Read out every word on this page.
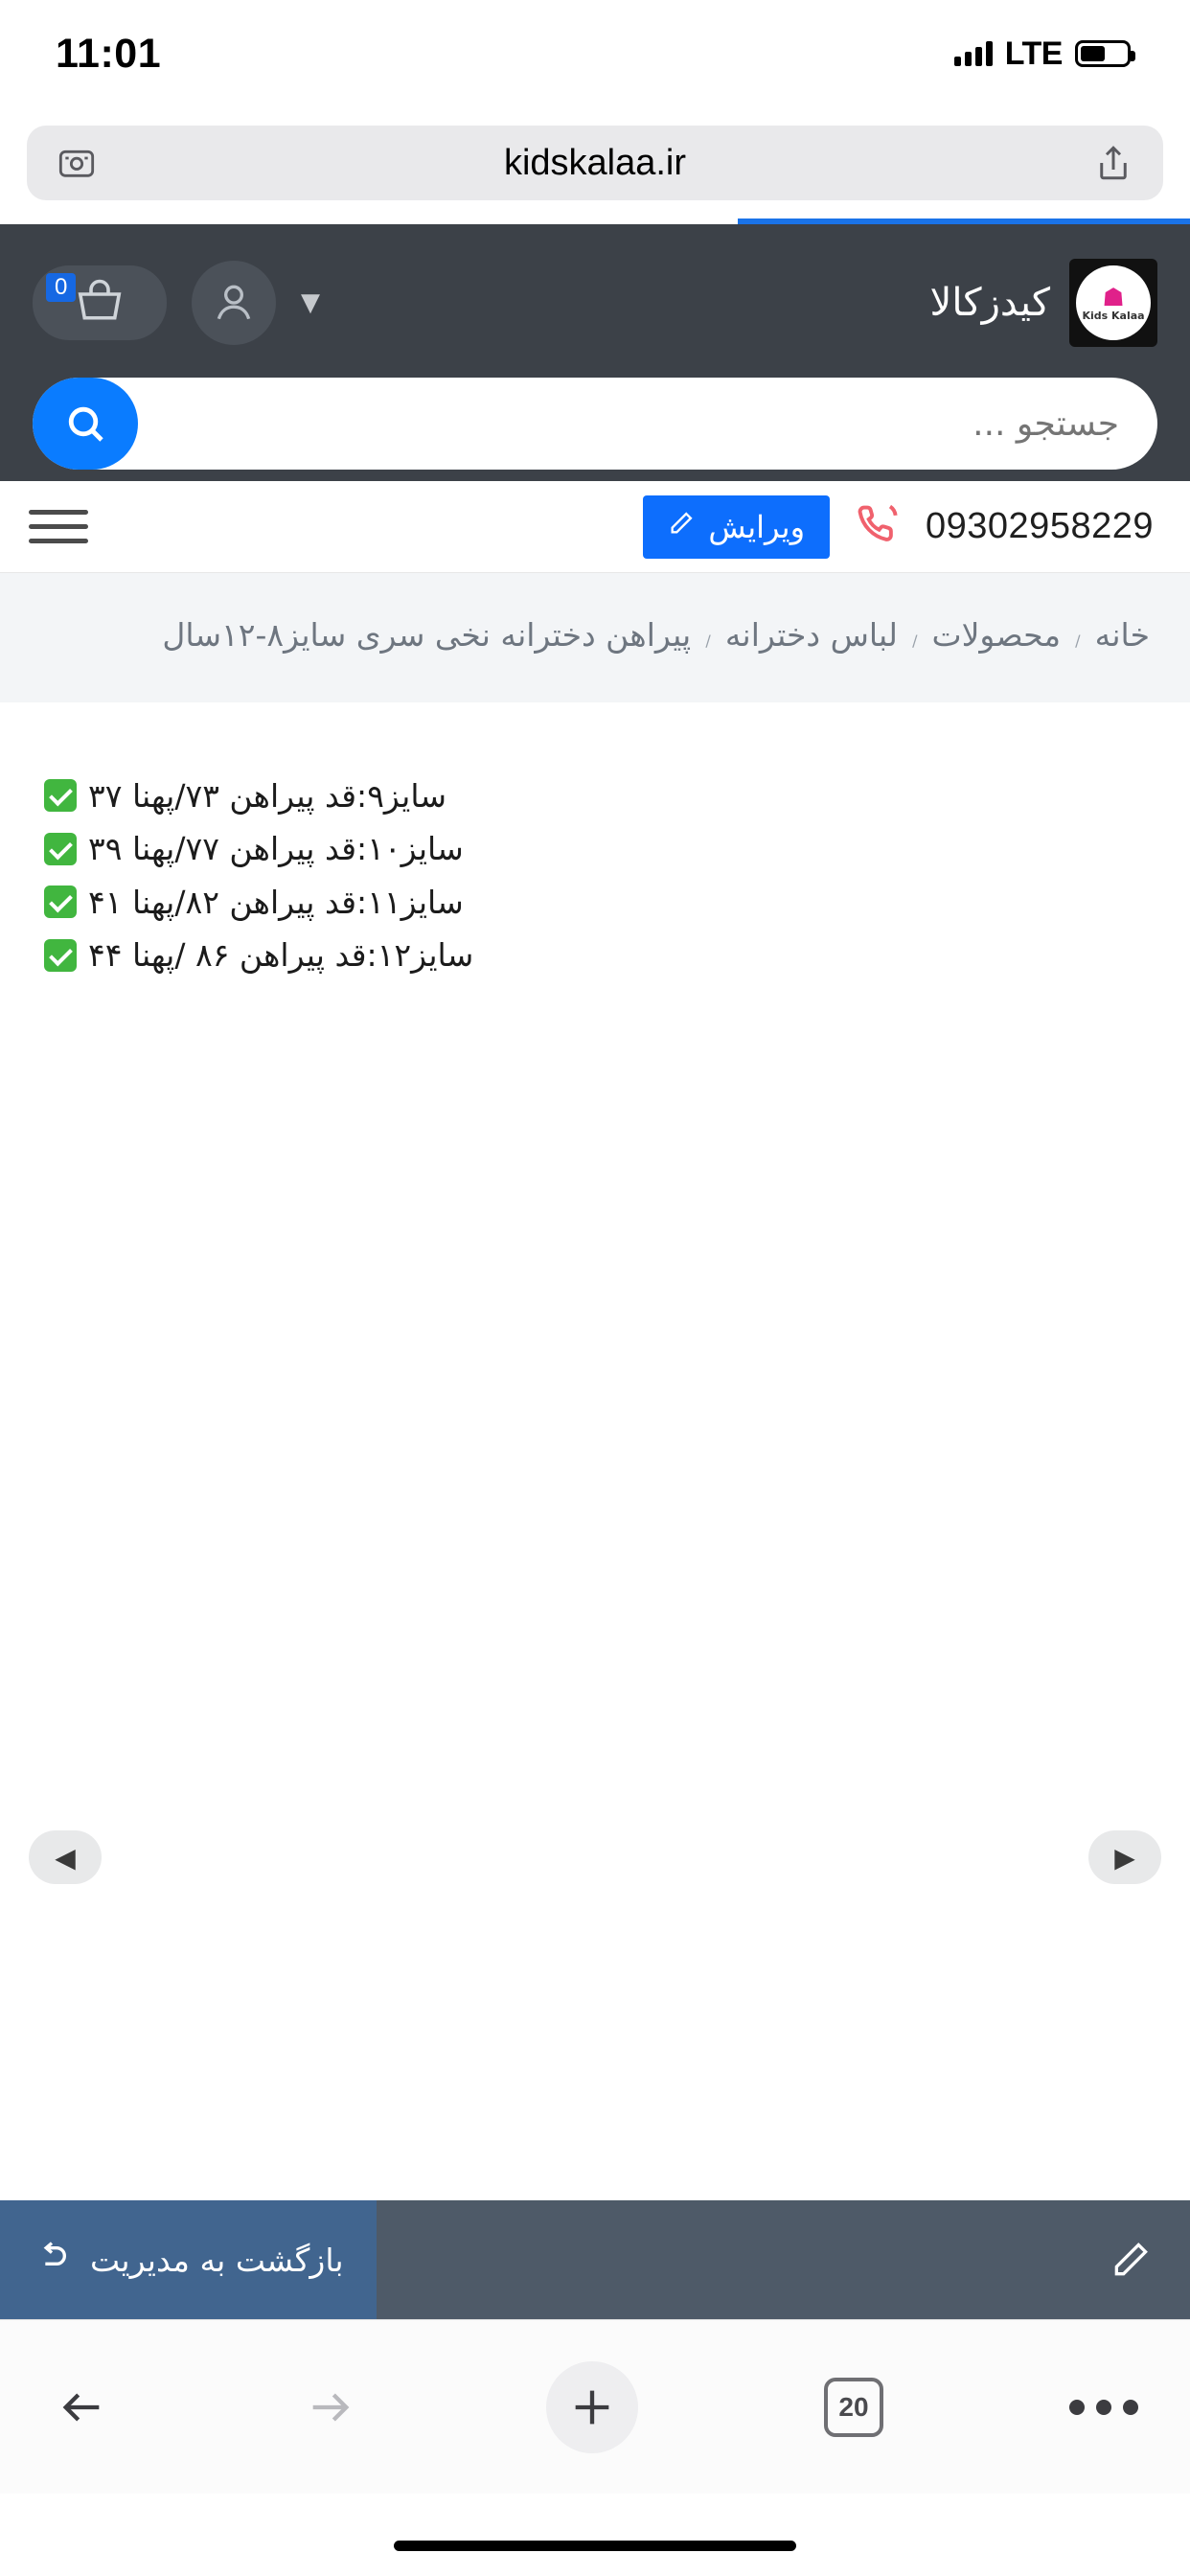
11:01	LTE
kidskalaa.ir
☗
Kids Kalaa
کیدزکالا
▼
0
جستجو ...
09302958229
ویرایش
خانه / محصولات / لباس دخترانه / پیراهن دخترانه نخی سری سایز۸-۱۲سال
سایز۹:قد پیراهن ۷۳/پهنا ۳۷
سایز۱۰:قد پیراهن ۷۷/پهنا ۳۹
سایز۱۱:قد پیراهن ۸۲/پهنا ۴۱
سایز۱۲:قد پیراهن ۸۶ /پهنا ۴۴
◀	▶
بازگشت به مدیریت
20
